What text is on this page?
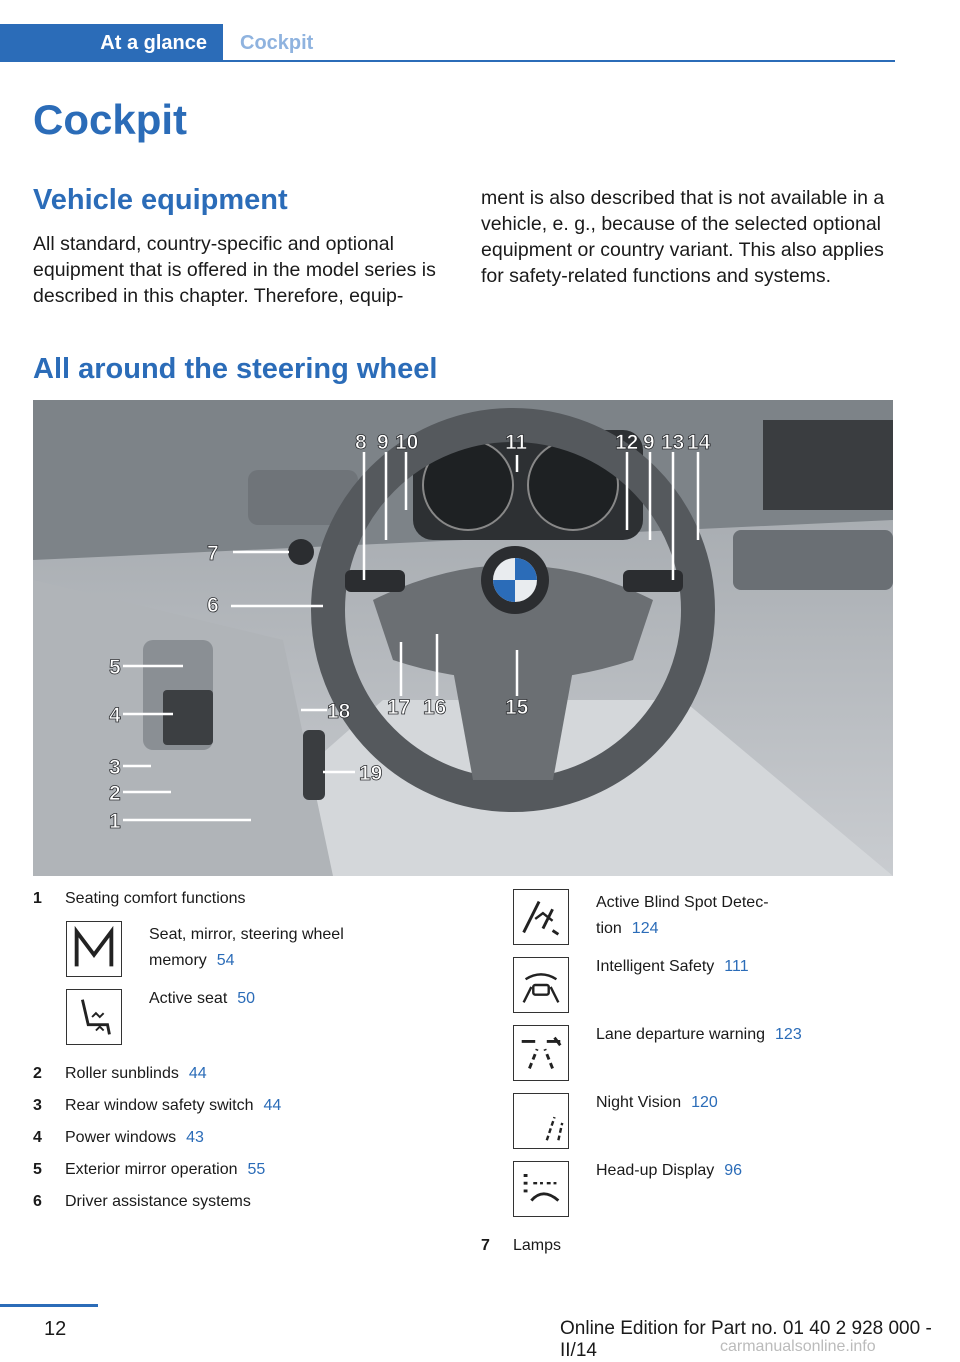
At a glance	Cockpit
Cockpit
Vehicle equipment

All standard, country-specific and optional equipment that is offered in the model series is described in this chapter. Therefore, equip-

ment is also described that is not available in a vehicle, e. g., because of the selected optional equipment or country variant. This also applies for safety-related functions and systems.

All around the steering wheel
8 9 10	11	12 9 13 14
7
6
5
4
3
2
1
15
16
17
18
19
1 Seating comfort functions
Seat, mirror, steering wheel
memory 54
Active seat 50
2 Roller sunblinds 44
3 Rear window safety switch 44
4 Power windows 43
5 Exterior mirror operation 55
6 Driver assistance systems
Active Blind Spot Detec-
tion 124
Intelligent Safety 111
Lane departure warning 123
Night Vision 120
Head-up Display 96
7 Lamps
12	Online Edition for Part no. 01 40 2 928 000 - II/14	carmanualsonline.info
